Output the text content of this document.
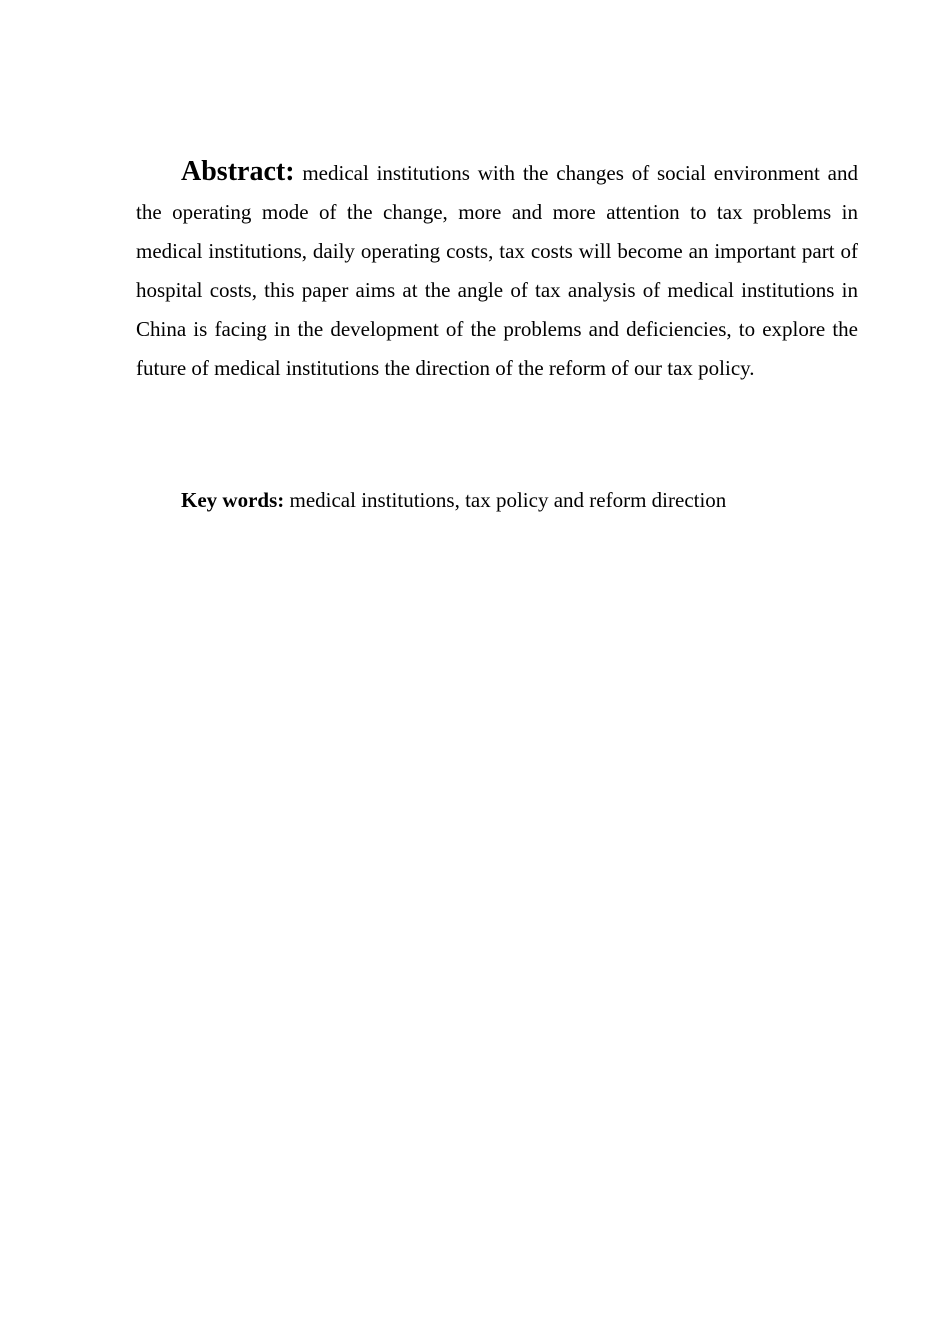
Abstract: medical institutions with the changes of social environment and the operating mode of the change, more and more attention to tax problems in medical institutions, daily operating costs, tax costs will become an important part of hospital costs, this paper aims at the angle of tax analysis of medical institutions in China is facing in the development of the problems and deficiencies, to explore the future of medical institutions the direction of the reform of our tax policy.

Key words: medical institutions, tax policy and reform direction
